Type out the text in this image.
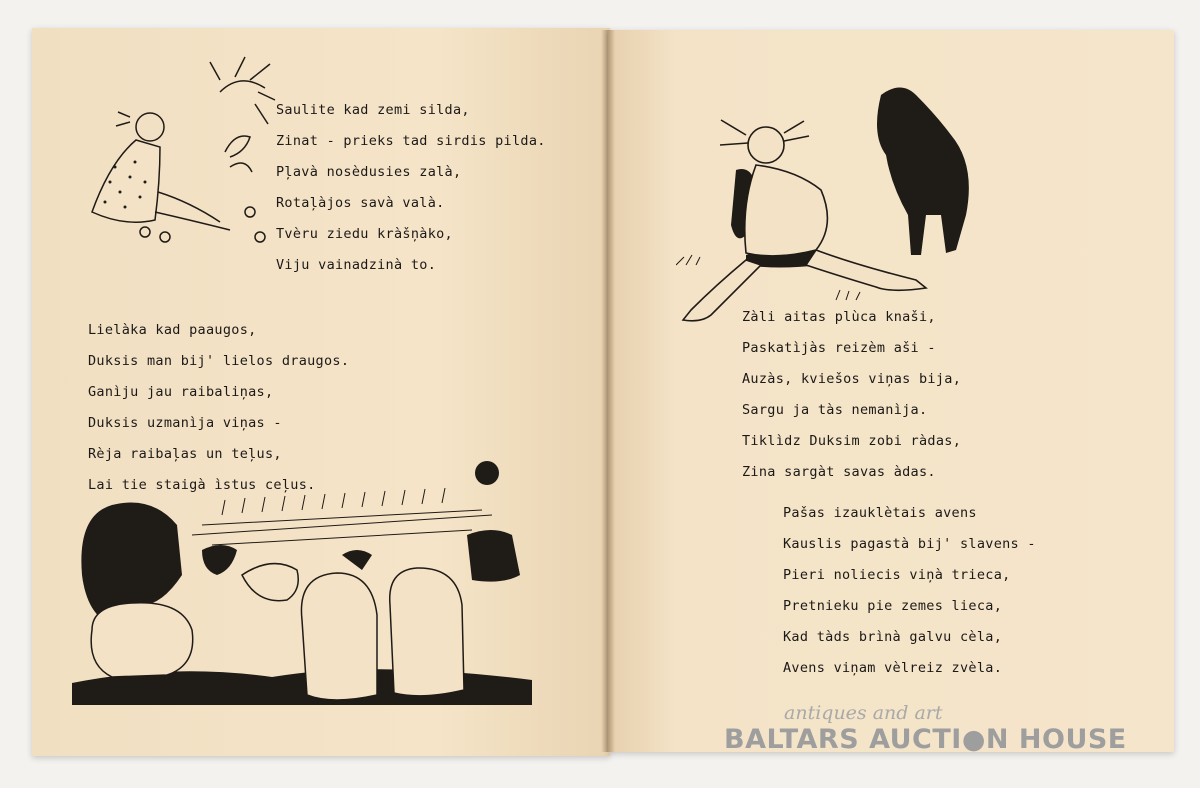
Saulite kad zemi silda,
Zinat - prieks tad sirdis pilda.
Pļavà nosèdusies zalà,
Rotaļàjos savà valà.
Tvèru ziedu kràšņàko,
Viju vainadzinà to.
Lielàka kad paaugos,
Duksis man bij' lielos draugos.
Ganìju jau raibaliņas,
Duksis uzmanìja viņas -
Rèja raibaļas un teļus,
Lai tie staigà ìstus ceļus.
Zàli aitas plùca knaši,
Paskatìjàs reizèm aši -
Auzàs, kviešos viņas bija,
Sargu ja tàs nemanìja.
Tiklìdz Duksim zobi ràdas,
Zina sargàt savas àdas.
Pašas izauklètais avens
Kauslis pagastà bij' slavens -
Pieri noliecis viņà trieca,
Pretnieku pie zemes lieca,
Kad tàds brìnà galvu cèla,
Avens viņam vèlreiz zvèla.
antiques and art
BALTARS AUCTI●N HOUSE
